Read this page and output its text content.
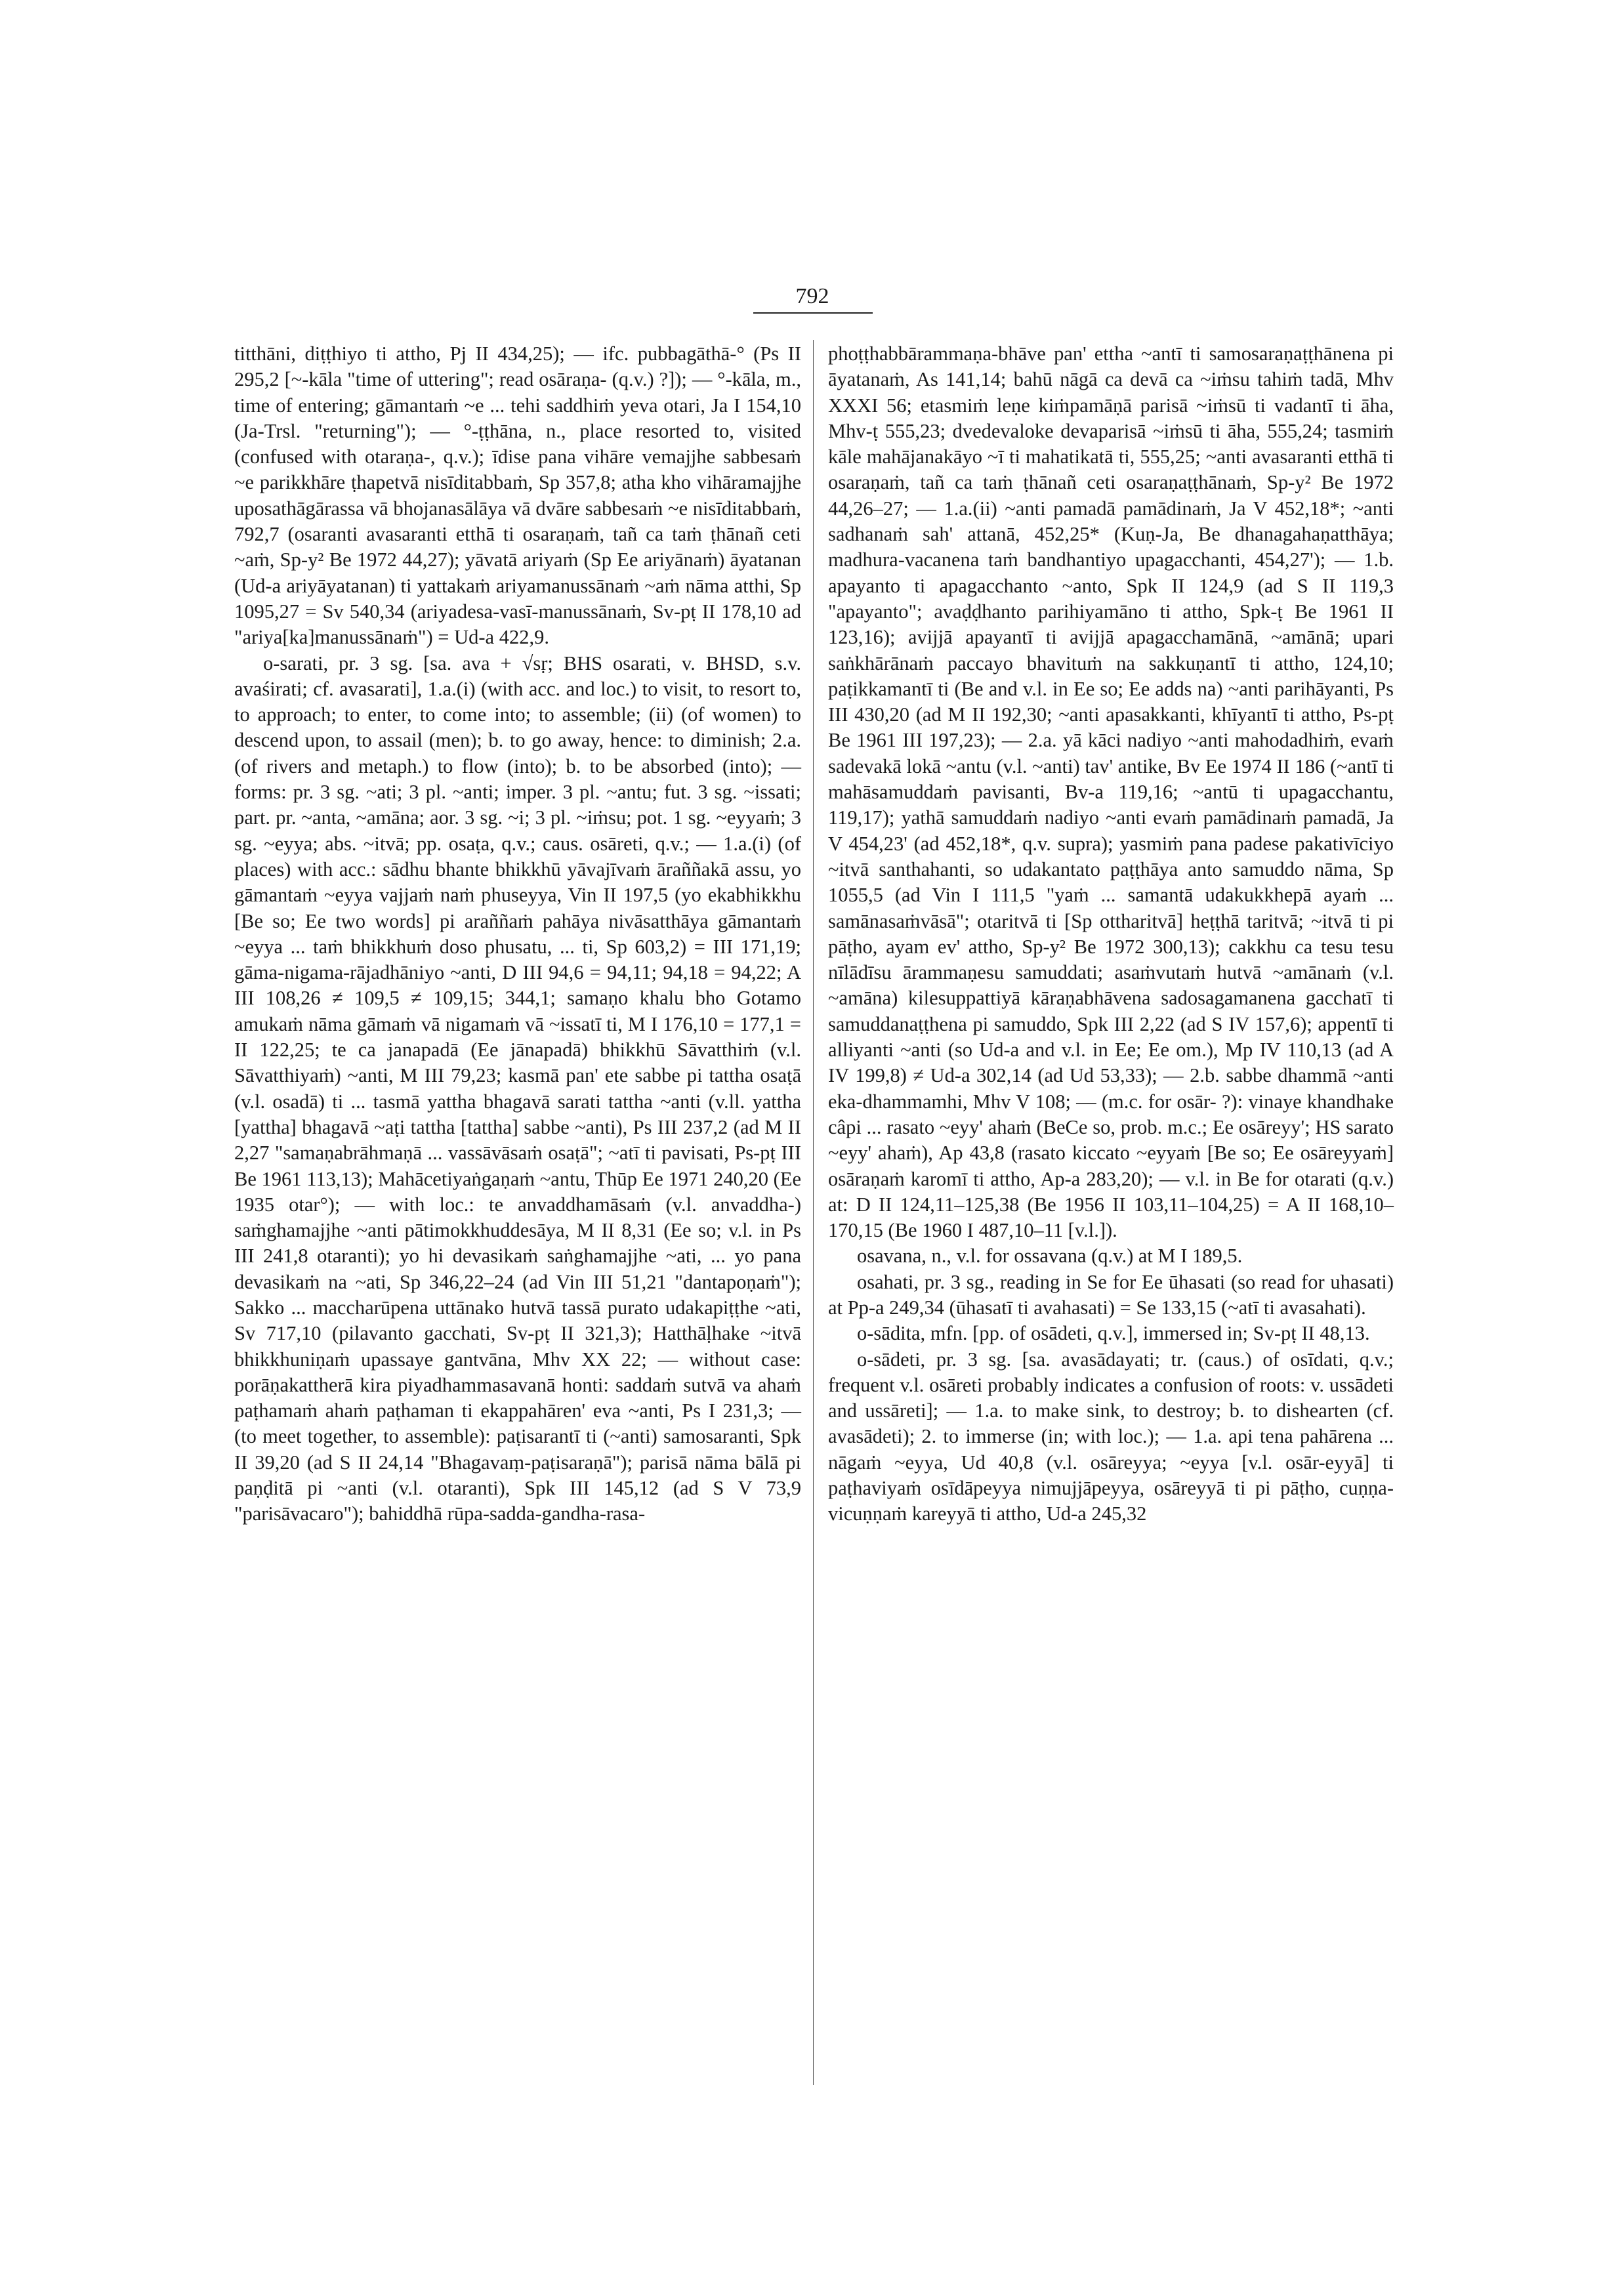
792

titthāni, diṭṭhiyo ti attho, Pj II 434,25); — ifc. pubbagāthā-° (Ps II 295,2 [~-kāla "time of uttering"; read osāraṇa- (q.v.) ?]); — °-kāla, m., time of entering; gāmantaṁ ~e ... tehi saddhiṁ yeva otari, Ja I 154,10 (Ja-Trsl. "returning"); — °-ṭṭhāna, n., place resorted to, visited (confused with otaraṇa-, q.v.); īdise pana vihāre vemajjhe sabbesaṁ ~e parikkhāre ṭhapetvā nisīditabbaṁ, Sp 357,8; atha kho vihāramajjhe uposathāgārassa vā bhojanasālāya vā dvāre sabbesaṁ ~e nisīditabbaṁ, 792,7 (osaranti avasaranti etthā ti osaraṇaṁ, tañ ca taṁ ṭhānañ ceti ~aṁ, Sp-y² Be 1972 44,27); yāvatā ariyaṁ (Sp Ee ariyānaṁ) āyatanan (Ud-a ariyāyatanan) ti yattakaṁ ariyamanussānaṁ ~aṁ nāma atthi, Sp 1095,27 = Sv 540,34 (ariyadesa-vasī-manussānaṁ, Sv-pṭ II 178,10 ad "ariya[ka]manussānaṁ") = Ud-a 422,9.

o-sarati, pr. 3 sg. [sa. ava + √sṛ; BHS osarati, v. BHSD, s.v. avaśirati; cf. avasarati], 1.a.(i) (with acc. and loc.) to visit, to resort to, to approach; to enter, to come into; to assemble; (ii) (of women) to descend upon, to assail (men); b. to go away, hence: to diminish; 2.a. (of rivers and metaph.) to flow (into); b. to be absorbed (into); — forms: pr. 3 sg. ~ati; 3 pl. ~anti; imper. 3 pl. ~antu; fut. 3 sg. ~issati; part. pr. ~anta, ~amāna; aor. 3 sg. ~i; 3 pl. ~iṁsu; pot. 1 sg. ~eyyaṁ; 3 sg. ~eyya; abs. ~itvā; pp. osaṭa, q.v.; caus. osāreti, q.v.; — 1.a.(i) (of places) with acc.: sādhu bhante bhikkhū yāvajīvaṁ āraññakā assu, yo gāmantaṁ ~eyya vajjaṁ naṁ phuseyya, Vin II 197,5 (yo ekabhikkhu [Be so; Ee two words] pi araññaṁ pahāya nivāsatthāya gāmantaṁ ~eyya ... taṁ bhikkhuṁ doso phusatu, ... ti, Sp 603,2) = III 171,19; gāma-nigama-rājadhāniyo ~anti, D III 94,6 = 94,11; 94,18 = 94,22; A III 108,26 ≠ 109,5 ≠ 109,15; 344,1; samaṇo khalu bho Gotamo amukaṁ nāma gāmaṁ vā nigamaṁ vā ~issatī ti, M I 176,10 = 177,1 = II 122,25; te ca janapadā (Ee jānapadā) bhikkhū Sāvatthiṁ (v.l. Sāvatthiyaṁ) ~anti, M III 79,23; kasmā pan' ete sabbe pi tattha osaṭā (v.l. osadā) ti ... tasmā yattha bhagavā sarati tattha ~anti (v.ll. yattha [yattha] bhagavā ~aṭi tattha [tattha] sabbe ~anti), Ps III 237,2 (ad M II 2,27 "samaṇabrāhmaṇā ... vassāvāsaṁ osaṭā"; ~atī ti pavisati, Ps-pṭ III Be 1961 113,13); Mahācetiyaṅgaṇaṁ ~antu, Thūp Ee 1971 240,20 (Ee 1935 otar°); — with loc.: te anvaddhamāsaṁ (v.l. anvaddha-) saṁghamajjhe ~anti pātimokkhuddesāya, M II 8,31 (Ee so; v.l. in Ps III 241,8 otaranti); yo hi devasikaṁ saṅghamajjhe ~ati, ... yo pana devasikaṁ na ~ati, Sp 346,22–24 (ad Vin III 51,21 "dantapoṇaṁ"); Sakko ... maccharūpena uttānako hutvā tassā purato udakapiṭṭhe ~ati, Sv 717,10 (pilavanto gacchati, Sv-pṭ II 321,3); Hatthāḷhake ~itvā bhikkhuniṇaṁ upassaye gantvāna, Mhv XX 22; — without case: porāṇakattherā kira piyadhammasavanā honti: saddaṁ sutvā va ahaṁ paṭhamaṁ ahaṁ paṭhaman ti ekappahāren' eva ~anti, Ps I 231,3; — (to meet together, to assemble): paṭisarantī ti (~anti) samosaranti, Spk II 39,20 (ad S II 24,14 "Bhagavaṃ-paṭisaraṇā"); parisā nāma bālā pi paṇḍitā pi ~anti (v.l. otaranti), Spk III 145,12 (ad S V 73,9 "parisāvacaro"); bahiddhā rūpa-sadda-gandha-rasa-

phoṭṭhabbārammaṇa-bhāve pan' ettha ~antī ti samosaraṇaṭṭhānena pi āyatanaṁ, As 141,14; bahū nāgā ca devā ca ~iṁsu tahiṁ tadā, Mhv XXXI 56; etasmiṁ leṇe kiṁpamāṇā parisā ~iṁsū ti vadantī ti āha, Mhv-ṭ 555,23; dvedevaloke devaparisā ~iṁsū ti āha, 555,24; tasmiṁ kāle mahājanakāyo ~ī ti mahatikatā ti, 555,25; ~anti avasaranti etthā ti osaraṇaṁ, tañ ca taṁ ṭhānañ ceti osaraṇaṭṭhānaṁ, Sp-y² Be 1972 44,26–27; — 1.a.(ii) ~anti pamadā pamādinaṁ, Ja V 452,18*; ~anti sadhanaṁ sah' attanā, 452,25* (Kuṇ-Ja, Be dhanagahaṇatthāya; madhura-vacanena taṁ bandhantiyo upagacchanti, 454,27'); — 1.b. apayanto ti apagacchanto ~anto, Spk II 124,9 (ad S II 119,3 "apayanto"; avaḍḍhanto parihiyamāno ti attho, Spk-ṭ Be 1961 II 123,16); avijjā apayantī ti avijjā apagacchamānā, ~amānā; upari saṅkhārānaṁ paccayo bhavituṁ na sakkuṇantī ti attho, 124,10; paṭikkamantī ti (Be and v.l. in Ee so; Ee adds na) ~anti parihāyanti, Ps III 430,20 (ad M II 192,30; ~anti apasakkanti, khīyantī ti attho, Ps-pṭ Be 1961 III 197,23); — 2.a. yā kāci nadiyo ~anti mahodadhiṁ, evaṁ sadevakā lokā ~antu (v.l. ~anti) tav' antike, Bv Ee 1974 II 186 (~antī ti mahāsamuddaṁ pavisanti, Bv-a 119,16; ~antū ti upagacchantu, 119,17); yathā samuddaṁ nadiyo ~anti evaṁ pamādinaṁ pamadā, Ja V 454,23' (ad 452,18*, q.v. supra); yasmiṁ pana padese pakativīciyo ~itvā santhahanti, so udakantato paṭṭhāya anto samuddo nāma, Sp 1055,5 (ad Vin I 111,5 "yaṁ ... samantā udakukkhepā ayaṁ ... samānasaṁvāsā"; otaritvā ti [Sp ottharitvā] heṭṭhā taritvā; ~itvā ti pi pāṭho, ayam ev' attho, Sp-y² Be 1972 300,13); cakkhu ca tesu tesu nīlādīsu ārammaṇesu samuddati; asaṁvutaṁ hutvā ~amānaṁ (v.l. ~amāna) kilesuppattiyā kāraṇabhāvena sadosagamanena gacchatī ti samuddanaṭṭhena pi samuddo, Spk III 2,22 (ad S IV 157,6); appentī ti alliyanti ~anti (so Ud-a and v.l. in Ee; Ee om.), Mp IV 110,13 (ad A IV 199,8) ≠ Ud-a 302,14 (ad Ud 53,33); — 2.b. sabbe dhammā ~anti eka-dhammamhi, Mhv V 108; — (m.c. for osār- ?): vinaye khandhake câpi ... rasato ~eyy' ahaṁ (BeCe so, prob. m.c.; Ee osāreyy'; HS sarato ~eyy' ahaṁ), Ap 43,8 (rasato kiccato ~eyyaṁ [Be so; Ee osāreyyaṁ] osāraṇaṁ karomī ti attho, Ap-a 283,20); — v.l. in Be for otarati (q.v.) at: D II 124,11–125,38 (Be 1956 II 103,11–104,25) = A II 168,10–170,15 (Be 1960 I 487,10–11 [v.l.]).

osavana, n., v.l. for ossavana (q.v.) at M I 189,5.

osahati, pr. 3 sg., reading in Se for Ee ūhasati (so read for uhasati) at Pp-a 249,34 (ūhasatī ti avahasati) = Se 133,15 (~atī ti avasahati).

o-sādita, mfn. [pp. of osādeti, q.v.], immersed in; Sv-pṭ II 48,13.

o-sādeti, pr. 3 sg. [sa. avasādayati; tr. (caus.) of osīdati, q.v.; frequent v.l. osāreti probably indicates a confusion of roots: v. ussādeti and ussāreti]; — 1.a. to make sink, to destroy; b. to dishearten (cf. avasādeti); 2. to immerse (in; with loc.); — 1.a. api tena pahārena ... nāgaṁ ~eyya, Ud 40,8 (v.l. osāreyya; ~eyya [v.l. osār-eyyā] ti paṭhaviyaṁ osīdāpeyya nimujjāpeyya, osāreyyā ti pi pāṭho, cuṇṇa-vicuṇṇaṁ kareyyā ti attho, Ud-a 245,32
